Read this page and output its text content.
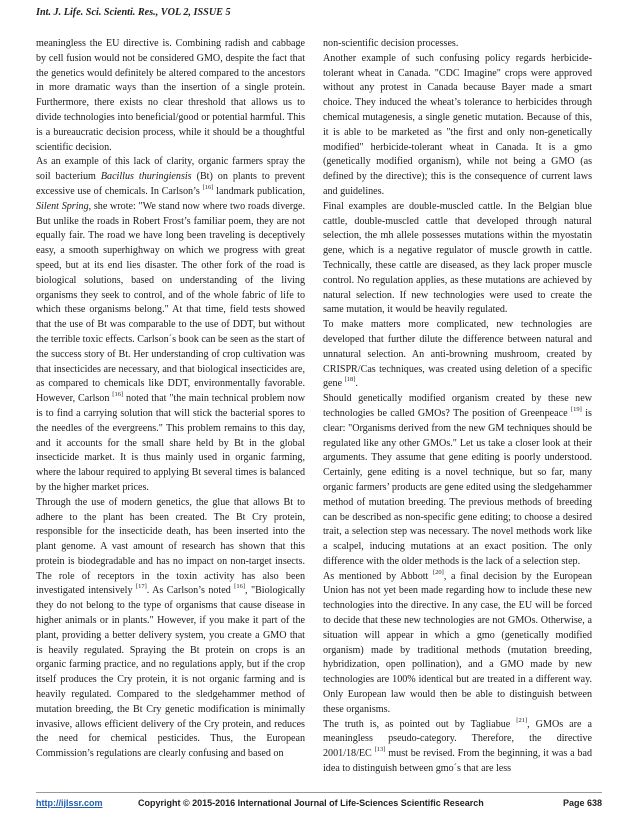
Int. J. Life. Sci. Scienti. Res., VOL 2, ISSUE 5

meaningless the EU directive is. Combining radish and cabbage by cell fusion would not be considered GMO, despite the fact that the genetics would definitely be altered compared to the ancestors in more dramatic ways than the insertion of a single protein. Furthermore, there exists no clear threshold that allows us to divide technologies into beneficial/good or potential harmful. This is a bureaucratic decision process, while it should be a thoughtful scientific decision.

As an example of this lack of clarity, organic farmers spray the soil bacterium Bacillus thuringiensis (Bt) on plants to prevent excessive use of chemicals. In Carlson’s [16] landmark publication, Silent Spring, she wrote: "We stand now where two roads diverge. But unlike the roads in Robert Frost’s familiar poem, they are not equally fair. The road we have long been traveling is deceptively easy, a smooth superhighway on which we progress with great speed, but at its end lies disaster. The other fork of the road is biological solutions, based on understanding of the living organisms they seek to control, and of the whole fabric of life to which these organisms belong." At that time, field tests showed that the use of Bt was comparable to the use of DDT, but without the terrible toxic effects. Carlson´s book can be seen as the start of the success story of Bt. Her understanding of crop cultivation was that insecticides are necessary, and that biological insecticides are, as compared to chemicals like DDT, environmentally favorable. However, Carlson [16] noted that "the main technical problem now is to find a carrying solution that will stick the bacterial spores to the needles of the evergreens." This problem remains to this day, and it accounts for the small share held by Bt in the global insecticide market. It is thus mainly used in organic farming, where the labour required to applying Bt several times is balanced by the higher market prices.

Through the use of modern genetics, the glue that allows Bt to adhere to the plant has been created. The Bt Cry protein, responsible for the insecticide death, has been inserted into the plant genome. A vast amount of research has shown that this protein is biodegradable and has no impact on non-target insects. The role of receptors in the toxin activity has also been investigated intensively [17]. As Carlson’s noted [16], "Biologically they do not belong to the type of organisms that cause disease in higher animals or in plants." However, if you make it part of the plant, providing a better delivery system, you create a GMO that is heavily regulated. Spraying the Bt protein on crops is an organic farming practice, and no regulations apply, but if the crop itself produces the Cry protein, it is not organic farming and is heavily regulated. Compared to the sledgehammer method of mutation breeding, the Bt Cry genetic modification is minimally invasive, allows efficient delivery of the Cry protein, and reduces the need for chemical pesticides. Thus, the European Commission’s regulations are clearly confusing and based on

non-scientific decision processes.

Another example of such confusing policy regards herbicide-tolerant wheat in Canada. "CDC Imagine" crops were approved without any protest in Canada because Bayer made a smart choice. They induced the wheat’s tolerance to herbicides through chemical mutagenesis, a single genetic mutation. Because of this, it is able to be marketed as "the first and only non-genetically modified" herbicide-tolerant wheat in Canada. It is a gmo (genetically modified organism), while not being a GMO (as defined by the directive); this is the consequence of current laws and guidelines.

Final examples are double-muscled cattle. In the Belgian blue cattle, double-muscled cattle that developed through natural selection, the mh allele possesses mutations within the myostatin gene, which is a negative regulator of muscle growth in cattle. Technically, these cattle are diseased, as they lack proper muscle control. No regulation applies, as these mutations are achieved by natural selection. If new technologies were used to create the same mutation, it would be heavily regulated.

To make matters more complicated, new technologies are developed that further dilute the difference between natural and unnatural selection. An anti-browning mushroom, created by CRISPR/Cas techniques, was created using deletion of a specific gene [18].

Should genetically modified organism created by these new technologies be called GMOs? The position of Greenpeace [19] is clear: "Organisms derived from the new GM techniques should be regulated like any other GMOs." Let us take a closer look at their arguments. They assume that gene editing is poorly understood. Certainly, gene editing is a novel technique, but so far, many organic farmers’ products are gene edited using the sledgehammer method of mutation breeding. The previous methods of breeding can be described as non-specific gene editing; to choose a desired trait, a selection step was necessary. The novel methods work like a scalpel, inducing mutations at an exact position. The only difference with the older methods is the lack of a selection step.

As mentioned by Abbott [20], a final decision by the European Union has not yet been made regarding how to include these new technologies into the directive. In any case, the EU will be forced to decide that these new technologies are not GMOs. Otherwise, a situation will appear in which a gmo (genetically modified organism) made by traditional methods (mutation breeding, hybridization, open pollination), and a GMO made by new technologies are 100% identical but are treated in a different way. Only European law would then be able to distinguish between these organisms.

The truth is, as pointed out by Tagliabue [21], GMOs are a meaningless pseudo-category. Therefore, the directive 2001/18/EC [13] must be revised. From the beginning, it was a bad idea to distinguish between gmo´s that are less

http://ijlssr.com	Copyright © 2015-2016 International Journal of Life-Sciences Scientific Research	Page 638
